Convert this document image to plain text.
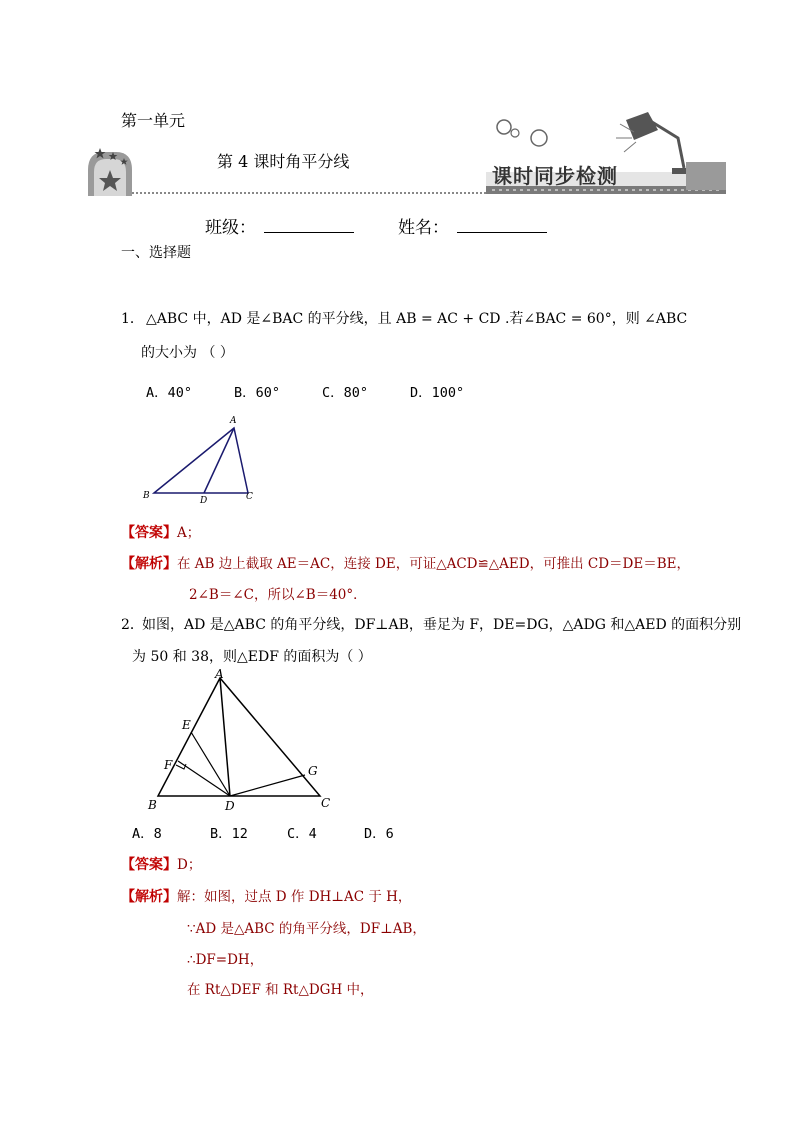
第一单元
第 4 课时角平分线
课时同步检测
班级：	姓名：
一、选择题
1． △ABC 中，AD 是∠BAC 的平分线，且 AB = AC + CD .若∠BAC = 60°，则 ∠ABC
的大小为 （ ）
A．40°	B．60°	C．80°	D．100°
A
B	D	C
【答案】A；
【解析】在 AB 边上截取 AE＝AC，连接 DE，可证△ACD≌△AED，可推出 CD＝DE＝BE，
2∠B＝∠C，所以∠B＝40°．
2．
如图，AD 是△ABC 的角平分线，DF⊥AB，垂足为 F，DE=DG，△ADG 和△AED 的面积分别
为 50 和 38，则△EDF 的面积为（ ）
A
E
F	G
B	D	C
A．8	B．12	C．4	D．6
【答案】D；
【解析】解：如图，过点 D 作 DH⊥AC 于 H，
∵AD 是△ABC 的角平分线，DF⊥AB，
∴DF=DH，
在 Rt△DEF 和 Rt△DGH 中，
